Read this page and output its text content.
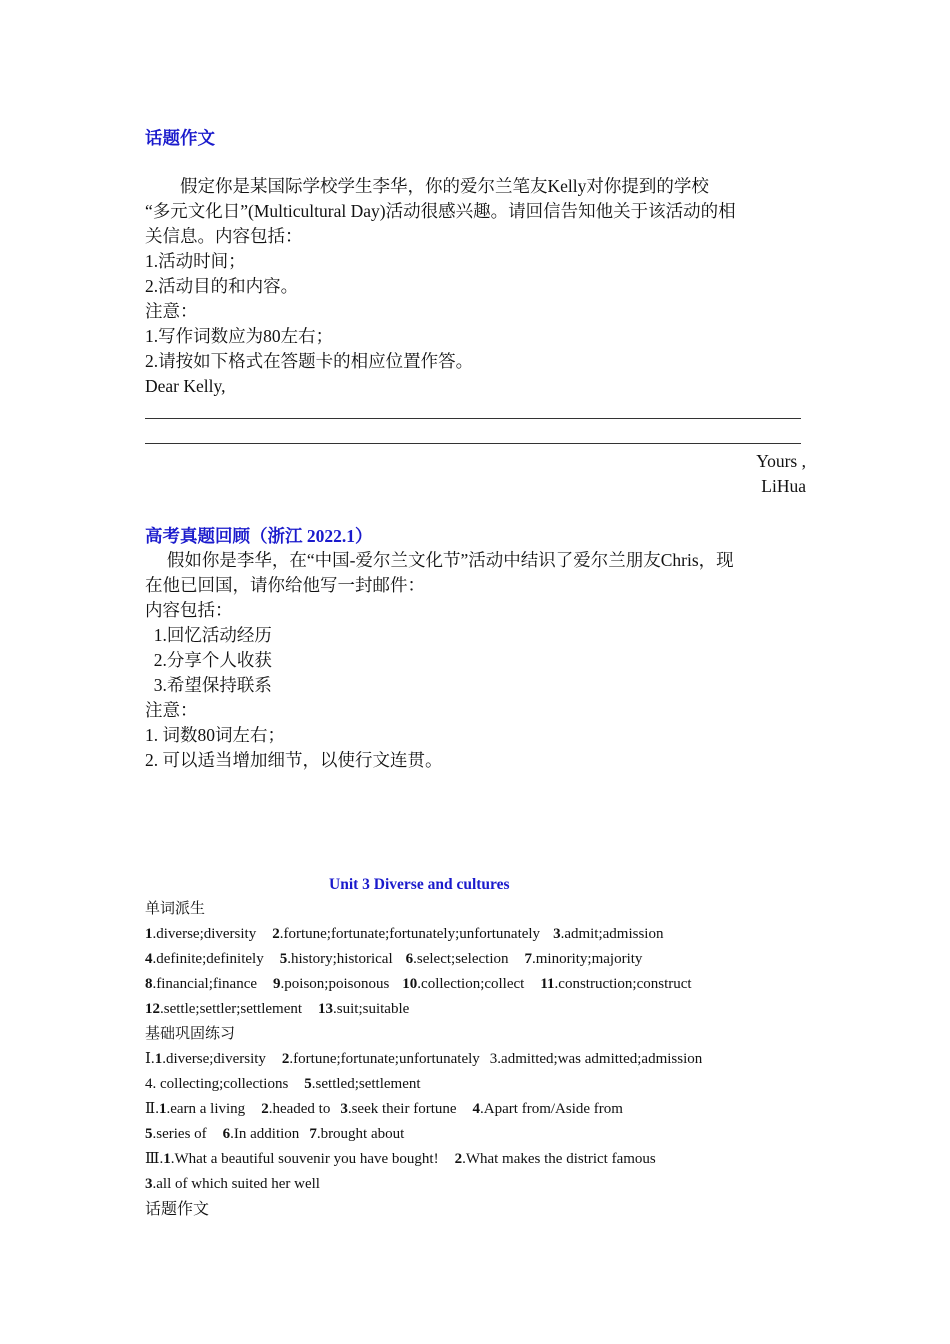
话题作文
　　假定你是某国际学校学生李华，你的爱尔兰笔友Kelly对你提到的学校
“多元文化日”(Multicultural Day)活动很感兴趣。请回信告知他关于该活动的相
关信息。内容包括：
1.活动时间；
2.活动目的和内容。
注意：
1.写作词数应为80左右；
2.请按如下格式在答题卡的相应位置作答。
Dear Kelly,
Yours ,
LiHua
高考真题回顾（浙江 2022.1）
　 假如你是李华，在“中国-爱尔兰文化节”活动中结识了爱尔兰朋友Chris，现
在他已回国，请你给他写一封邮件：
内容包括：
1.回忆活动经历
2.分享个人收获
3.希望保持联系
注意：
1. 词数80词左右；
2. 可以适当增加细节，以使行文连贯。
Unit 3 Diverse and cultures
单词派生
1.diverse;diversity 2.fortune;fortunate;fortunately;unfortunately 3.admit;admission
4.definite;definitely 5.history;historical 6.select;selection 7.minority;majority
8.financial;finance 9.poison;poisonous 10.collection;collect 11.construction;construct
12.settle;settler;settlement 13.suit;suitable
基础巩固练习
Ⅰ.1.diverse;diversity 2.fortune;fortunate;unfortunately 3.admitted;was admitted;admission
4. collecting;collections 5.settled;settlement
Ⅱ.1.earn a living 2.headed to 3.seek their fortune 4.Apart from/Aside from
5.series of 6.In addition 7.brought about
Ⅲ.1.What a beautiful souvenir you have bought! 2.What makes the district famous
3.all of which suited her well
话题作文
